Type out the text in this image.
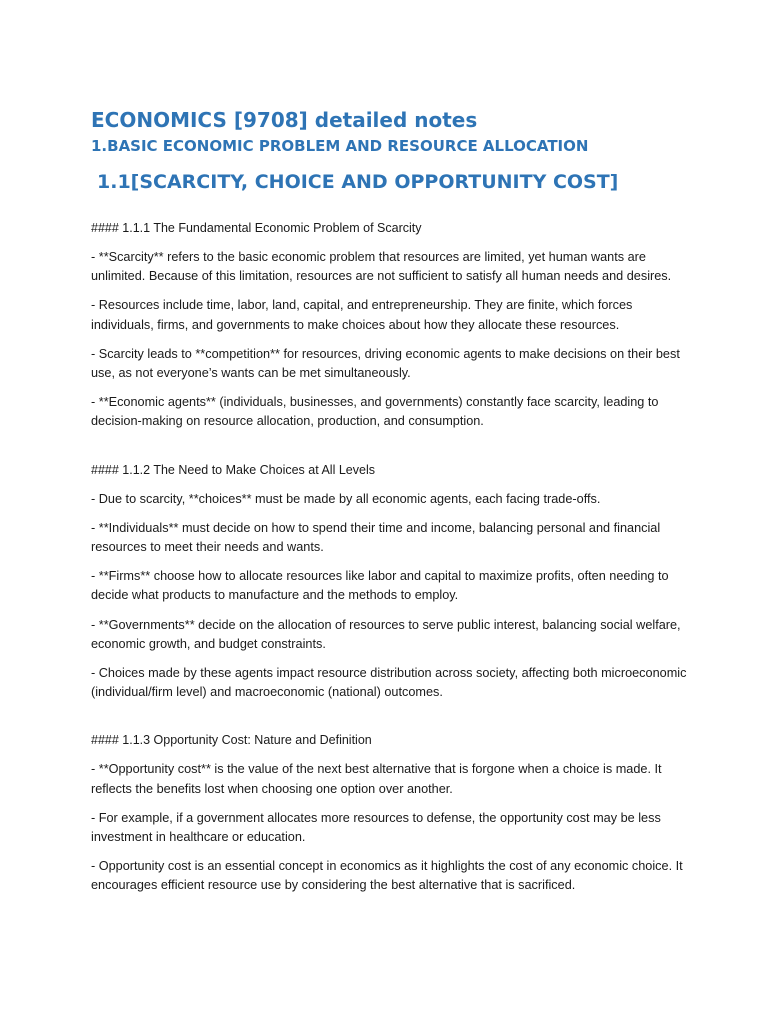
ECONOMICS [9708] detailed notes
1.BASIC ECONOMIC PROBLEM AND RESOURCE ALLOCATION
1.1[SCARCITY, CHOICE AND OPPORTUNITY COST]

#### 1.1.1 The Fundamental Economic Problem of Scarcity

- **Scarcity** refers to the basic economic problem that resources are limited, yet human wants are unlimited. Because of this limitation, resources are not sufficient to satisfy all human needs and desires.

- Resources include time, labor, land, capital, and entrepreneurship. They are finite, which forces individuals, firms, and governments to make choices about how they allocate these resources.

- Scarcity leads to **competition** for resources, driving economic agents to make decisions on their best use, as not everyone’s wants can be met simultaneously.

- **Economic agents** (individuals, businesses, and governments) constantly face scarcity, leading to decision-making on resource allocation, production, and consumption.

#### 1.1.2 The Need to Make Choices at All Levels

- Due to scarcity, **choices** must be made by all economic agents, each facing trade-offs.

- **Individuals** must decide on how to spend their time and income, balancing personal and financial resources to meet their needs and wants.

- **Firms** choose how to allocate resources like labor and capital to maximize profits, often needing to decide what products to manufacture and the methods to employ.

- **Governments** decide on the allocation of resources to serve public interest, balancing social welfare, economic growth, and budget constraints.

- Choices made by these agents impact resource distribution across society, affecting both microeconomic (individual/firm level) and macroeconomic (national) outcomes.

#### 1.1.3 Opportunity Cost: Nature and Definition

- **Opportunity cost** is the value of the next best alternative that is forgone when a choice is made. It reflects the benefits lost when choosing one option over another.

- For example, if a government allocates more resources to defense, the opportunity cost may be less investment in healthcare or education.

- Opportunity cost is an essential concept in economics as it highlights the cost of any economic choice. It encourages efficient resource use by considering the best alternative that is sacrificed.
